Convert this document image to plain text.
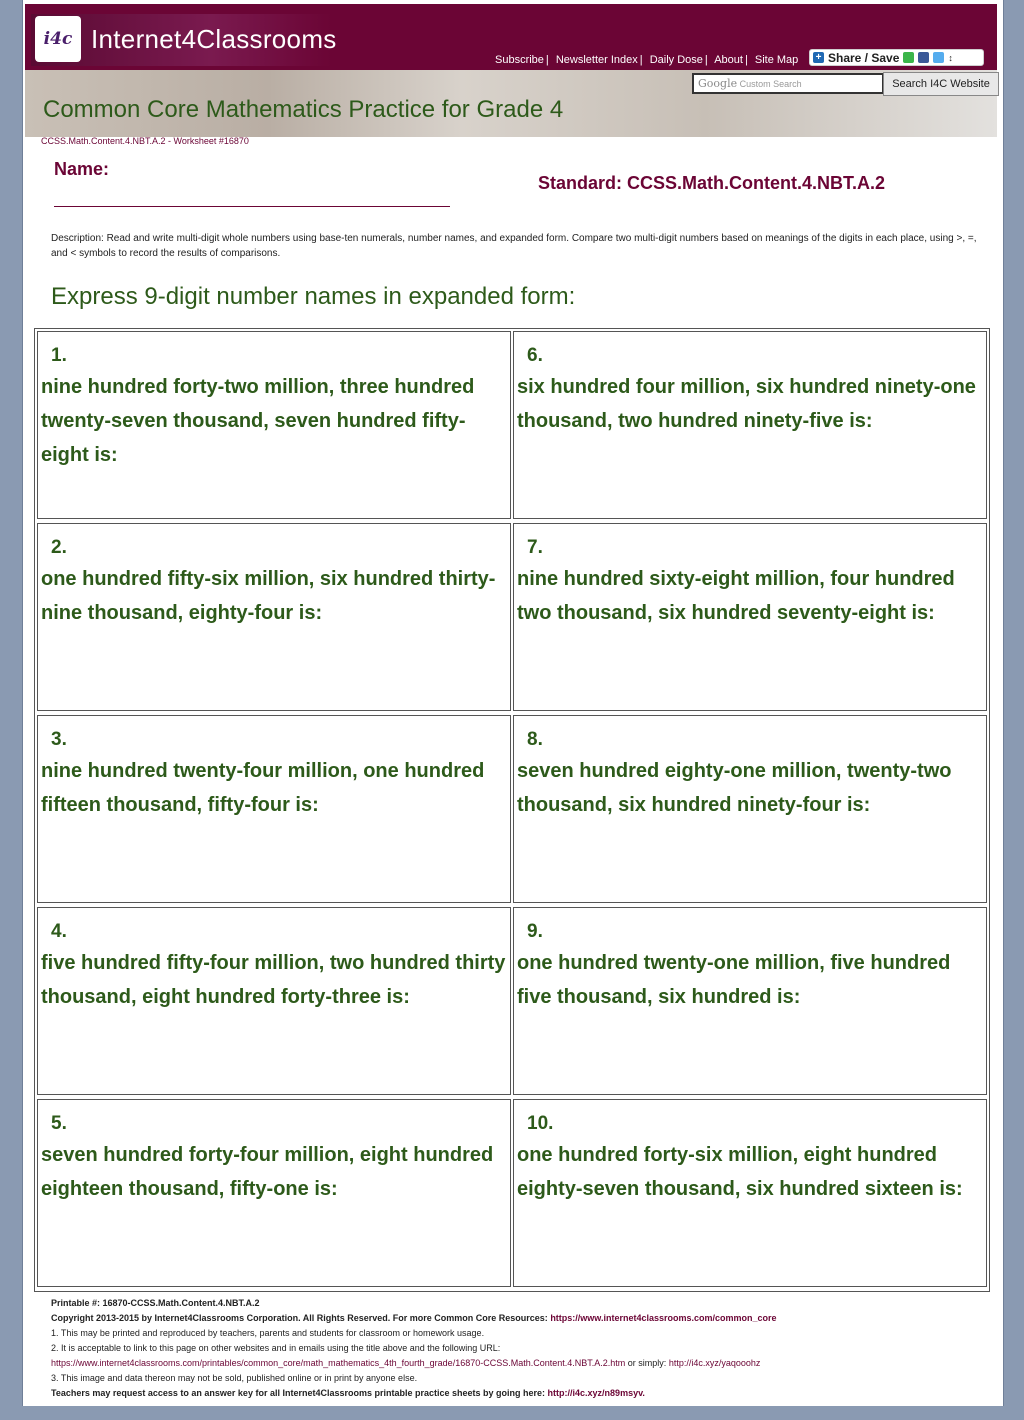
i4c Internet4Classrooms
Subscribe | Newsletter Index | Daily Dose | About | Site Map + Share / Save	↕
Google Custom Search	Search I4C Website
Common Core Mathematics Practice for Grade 4
CCSS.Math.Content.4.NBT.A.2 - Worksheet #16870
Name:
Standard: CCSS.Math.Content.4.NBT.A.2
Description: Read and write multi-digit whole numbers using base-ten numerals, number names, and expanded form. Compare two multi-digit numbers based on meanings of the digits in each place, using >, =, and < symbols to record the results of comparisons.
Express 9-digit number names in expanded form:
1.
nine hundred forty-two million, three hundred twenty-seven thousand, seven hundred fifty-eight is:
2.
one hundred fifty-six million, six hundred thirty-nine thousand, eighty-four is:
3.
nine hundred twenty-four million, one hundred fifteen thousand, fifty-four is:
4.
five hundred fifty-four million, two hundred thirty thousand, eight hundred forty-three is:
5.
seven hundred forty-four million, eight hundred eighteen thousand, fifty-one is:
6.
six hundred four million, six hundred ninety-one thousand, two hundred ninety-five is:
7.
nine hundred sixty-eight million, four hundred two thousand, six hundred seventy-eight is:
8.
seven hundred eighty-one million, twenty-two thousand, six hundred ninety-four is:
9.
one hundred twenty-one million, five hundred five thousand, six hundred is:
10.
one hundred forty-six million, eight hundred eighty-seven thousand, six hundred sixteen is:
Printable #: 16870-CCSS.Math.Content.4.NBT.A.2
Copyright 2013-2015 by Internet4Classrooms Corporation. All Rights Reserved. For more Common Core Resources: https://www.internet4classrooms.com/common_core
1. This may be printed and reproduced by teachers, parents and students for classroom or homework usage.
2. It is acceptable to link to this page on other websites and in emails using the title above and the following URL:
https://www.internet4classrooms.com/printables/common_core/math_mathematics_4th_fourth_grade/16870-CCSS.Math.Content.4.NBT.A.2.htm or simply: http://i4c.xyz/yaqooohz
3. This image and data thereon may not be sold, published online or in print by anyone else.
Teachers may request access to an answer key for all Internet4Classrooms printable practice sheets by going here: http://i4c.xyz/n89msyv.
